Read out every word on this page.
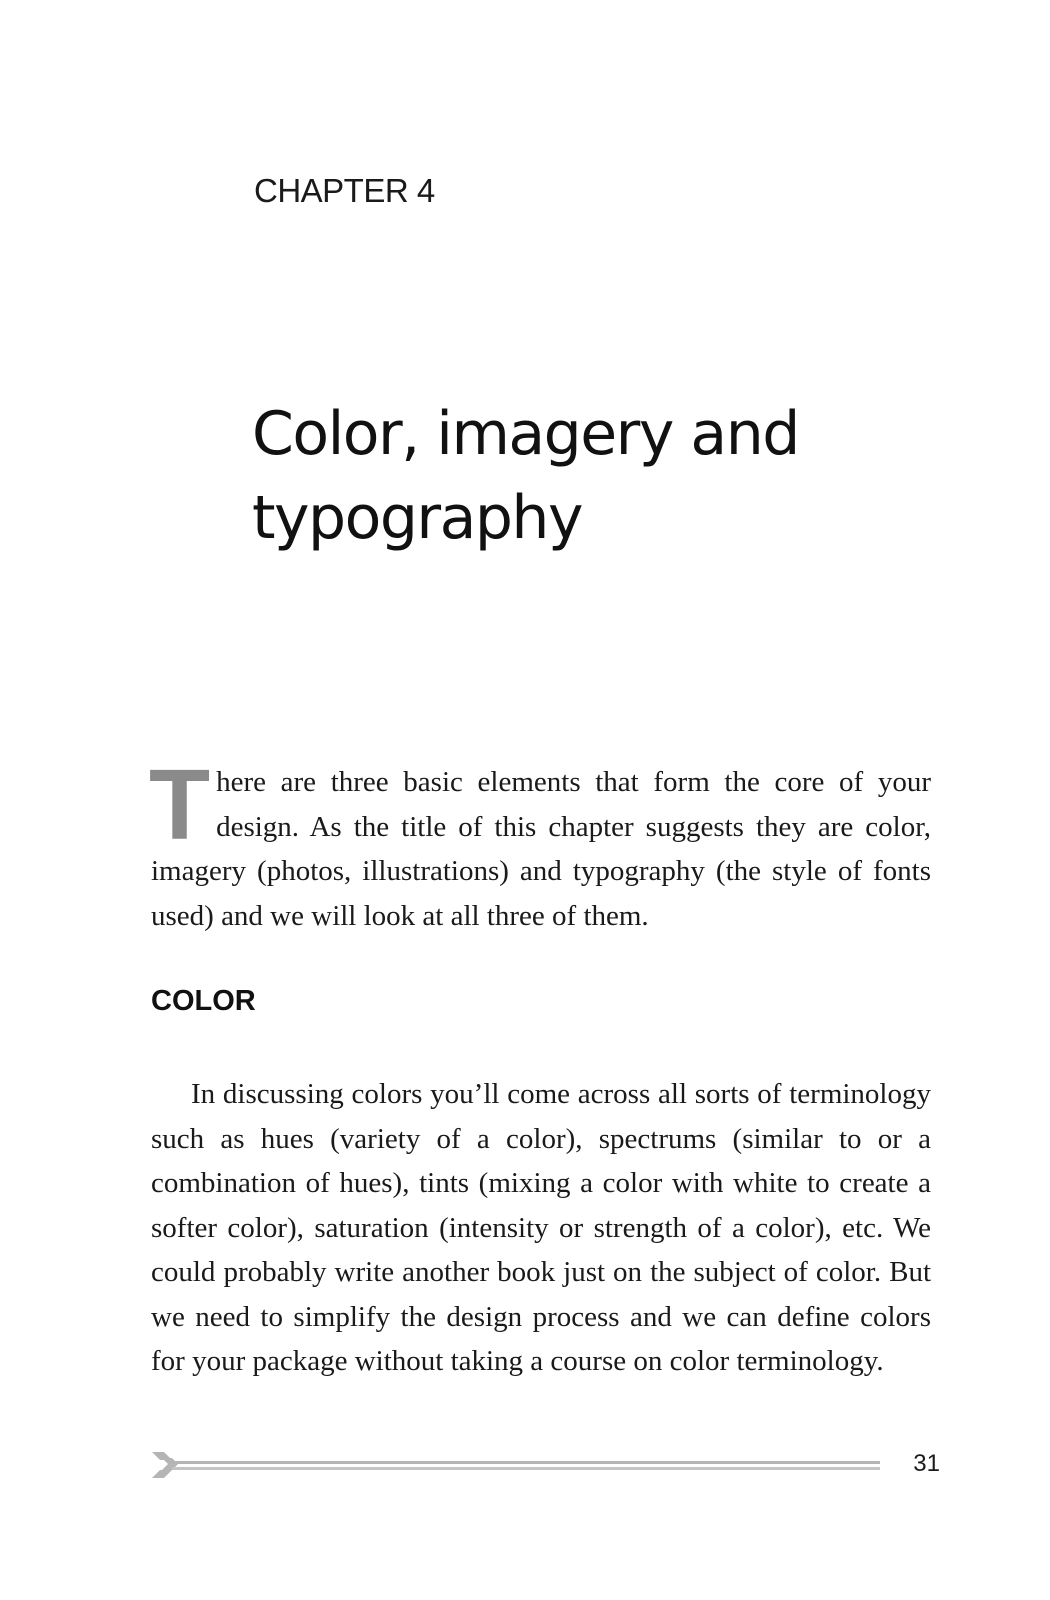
CHAPTER 4
Color, imagery and
typography

There are three basic elements that form the core of your design. As the title of this chapter suggests they are color, imagery (photos, illustrations) and typography (the style of fonts used) and we will look at all three of them.

COLOR

In discussing colors you’ll come across all sorts of terminology such as hues (variety of a color), spectrums (similar to or a combination of hues), tints (mixing a color with white to create a softer color), saturation (intensity or strength of a color), etc. We could probably write another book just on the subject of color. But we need to simplify the design process and we can define colors for your package without taking a course on color terminology.

31
